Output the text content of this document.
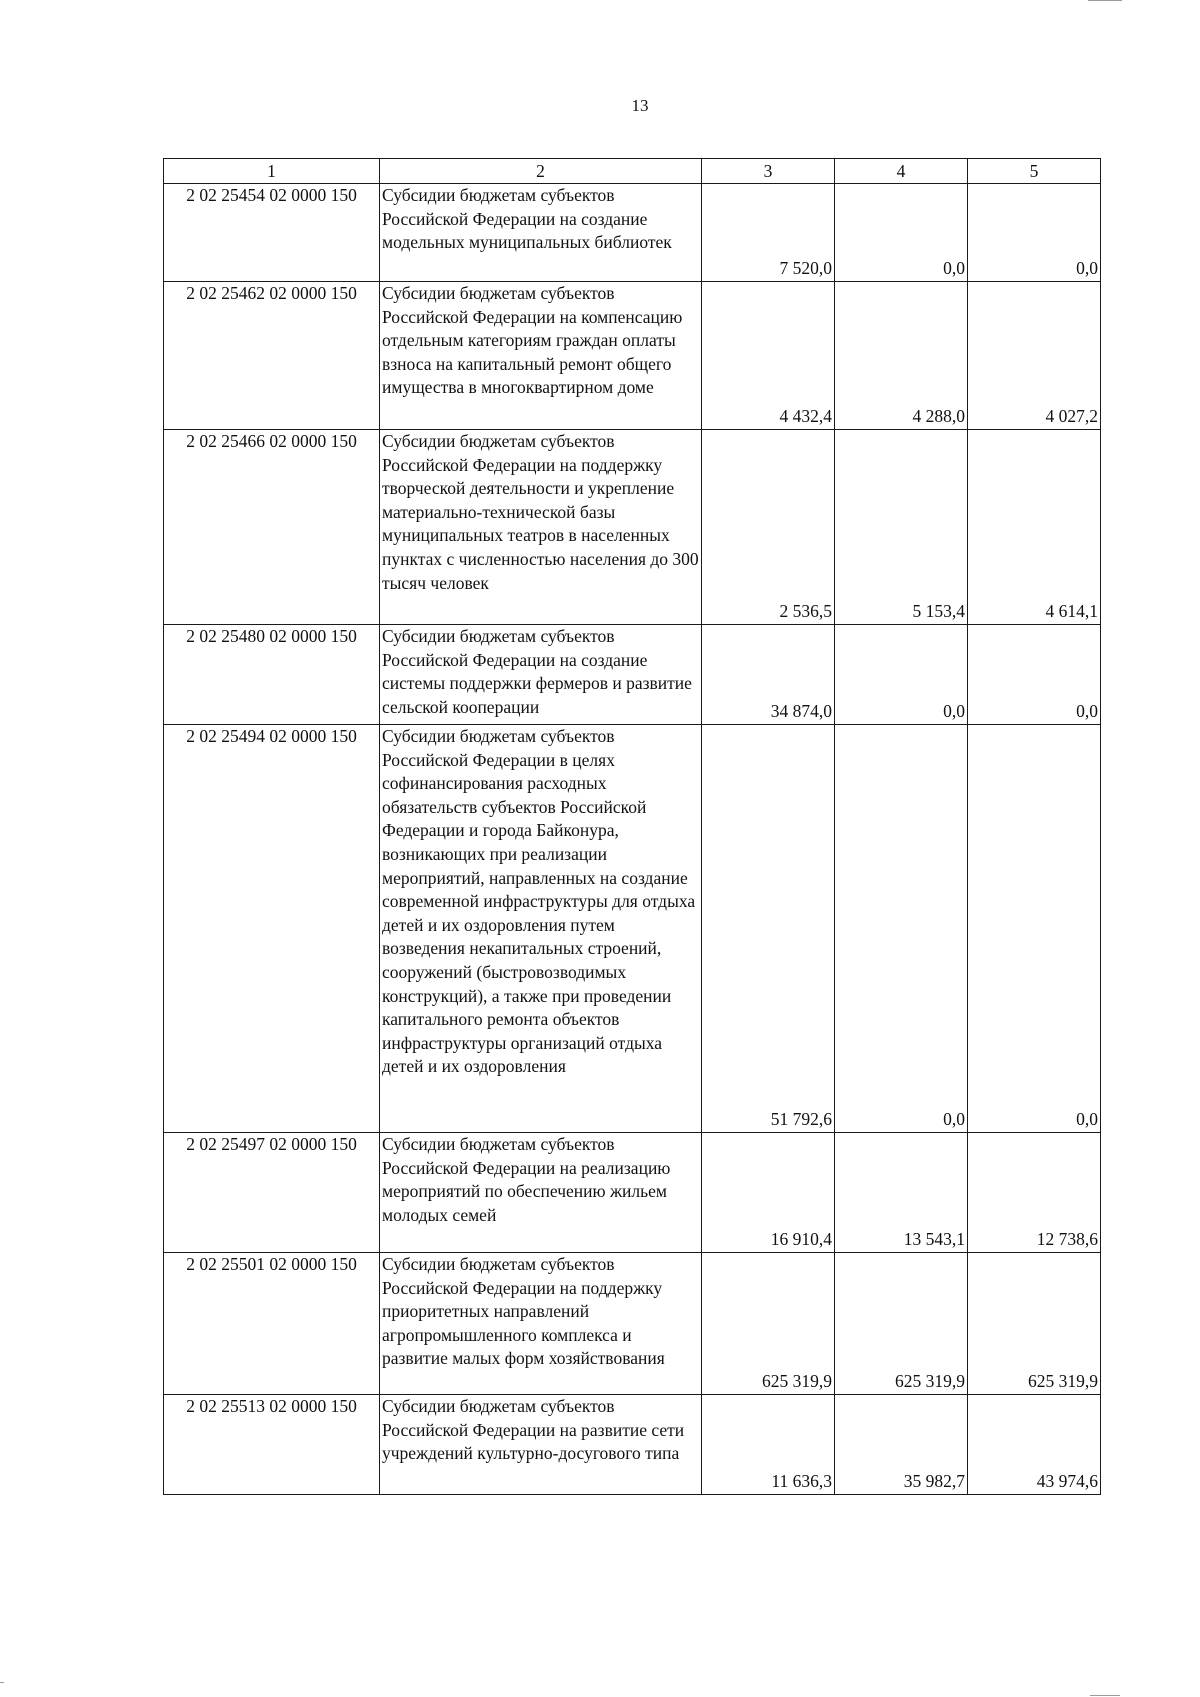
13
1	2	3	4	5
2 02 25454 02 0000 150	Субсидии бюджетам субъектов Российской Федерации на создание модельных муниципальных библиотек	7 520,0	0,0	0,0
2 02 25462 02 0000 150	Субсидии бюджетам субъектов Российской Федерации на компенсацию отдельным категориям граждан оплаты взноса на капитальный ремонт общего имущества в многоквартирном доме	4 432,4	4 288,0	4 027,2
2 02 25466 02 0000 150	Субсидии бюджетам субъектов Российской Федерации на поддержку творческой деятельности и укрепление материально-технической базы муниципальных театров в населенных пунктах с численностью населения до 300 тысяч человек	2 536,5	5 153,4	4 614,1
2 02 25480 02 0000 150	Субсидии бюджетам субъектов Российской Федерации на создание системы поддержки фермеров и развитие сельской кооперации	34 874,0	0,0	0,0
2 02 25494 02 0000 150	Субсидии бюджетам субъектов Российской Федерации в целях софинансирования расходных обязательств субъектов Российской Федерации и города Байконура, возникающих при реализации мероприятий, направленных на создание современной инфраструктуры для отдыха детей и их оздоровления путем возведения некапитальных строений, сооружений (быстровозводимых конструкций), а также при проведении капитального ремонта объектов инфраструктуры организаций отдыха детей и их оздоровления	51 792,6	0,0	0,0
2 02 25497 02 0000 150	Субсидии бюджетам субъектов Российской Федерации на реализацию мероприятий по обеспечению жильем молодых семей	16 910,4	13 543,1	12 738,6
2 02 25501 02 0000 150	Субсидии бюджетам субъектов Российской Федерации на поддержку приоритетных направлений агропромышленного комплекса и развитие малых форм хозяйствования	625 319,9	625 319,9	625 319,9
2 02 25513 02 0000 150	Субсидии бюджетам субъектов Российской Федерации на развитие сети учреждений культурно-досугового типа	11 636,3	35 982,7	43 974,6
